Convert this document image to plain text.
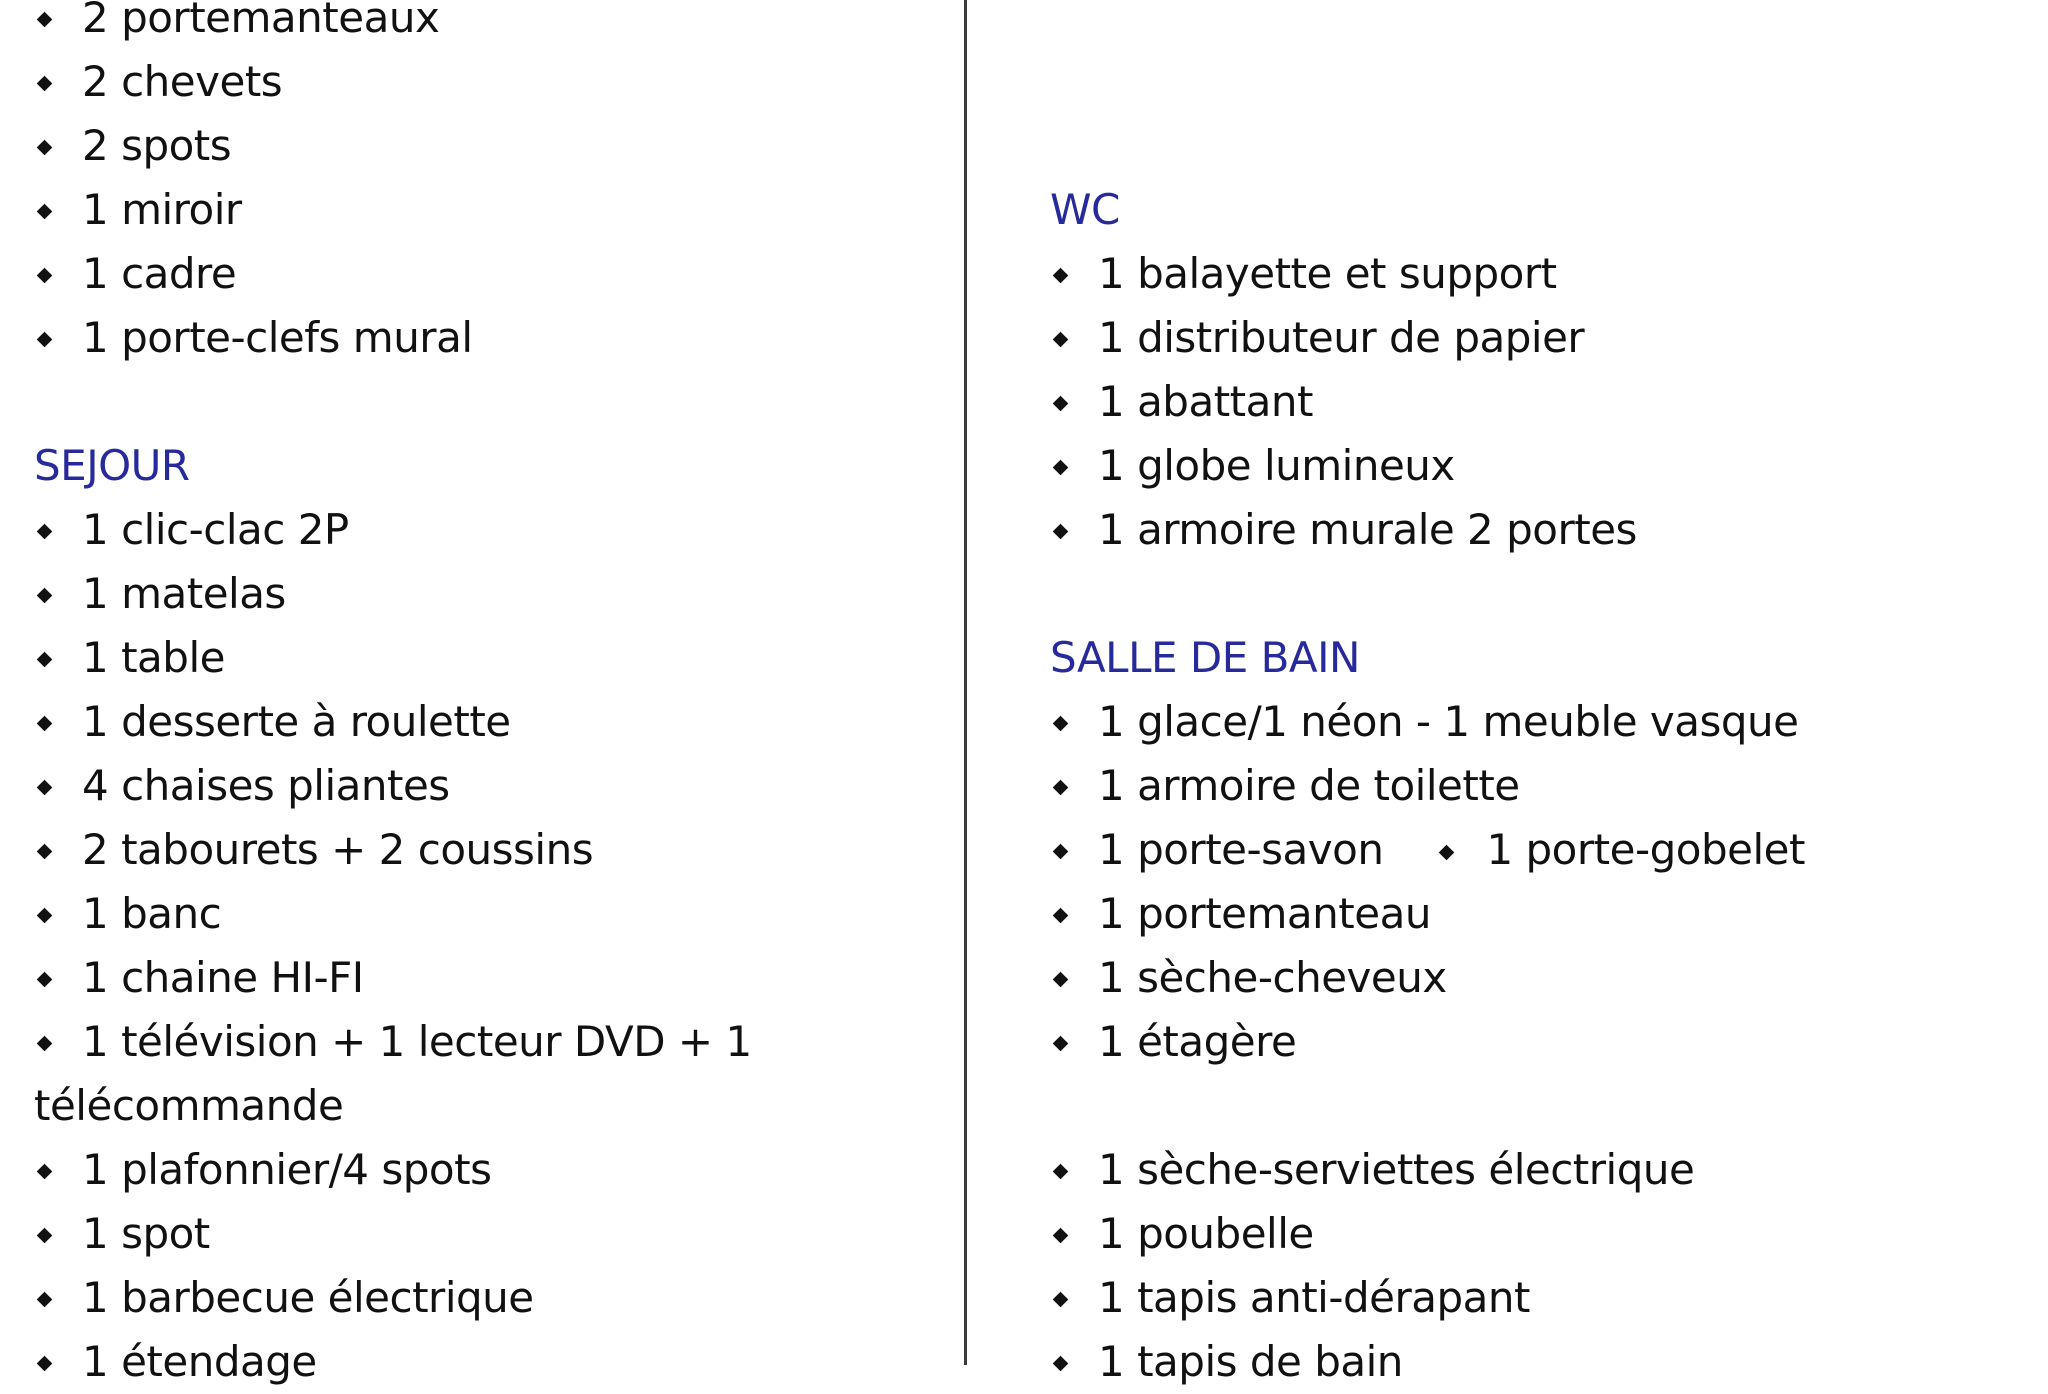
2 portemanteaux
2 chevets
2 spots
1 miroir
1 cadre
1 porte-clefs mural
SEJOUR
1 clic-clac 2P
1 matelas
1 table
1 desserte à roulette
4 chaises pliantes
2 tabourets + 2 coussins
1 banc
1 chaine HI-FI
1 télévision + 1 lecteur DVD + 1
télécommande
1 plafonnier/4 spots
1 spot
1 barbecue électrique
1 étendage
WC
1 balayette et support
1 distributeur de papier
1 abattant
1 globe lumineux
1 armoire murale 2 portes
SALLE DE BAIN
1 glace/1 néon - 1 meuble vasque
1 armoire de toilette
1 porte-savon 1 porte-gobelet
1 portemanteau
1 sèche-cheveux
1 étagère
1 sèche-serviettes électrique
1 poubelle
1 tapis anti-dérapant
1 tapis de bain
